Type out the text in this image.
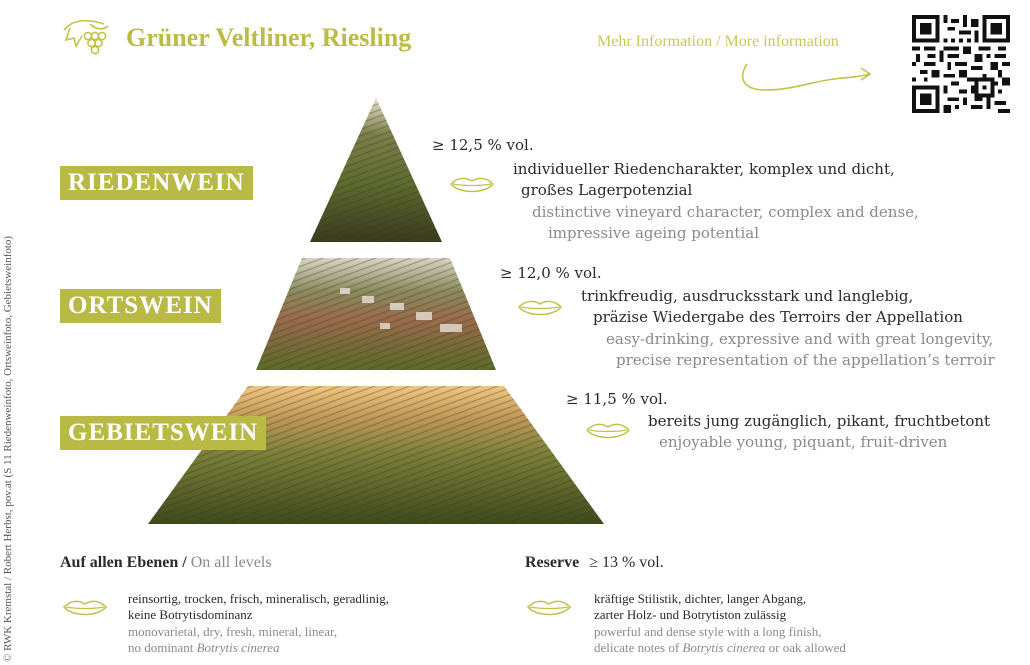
Grüner Veltliner, Riesling	Mehr Information / More information
© RWK Kremstal / Robert Herbst, pov.at (S 11 Riedenweinfoto, Ortsweinfoto, Gebietsweinfoto)
RIEDENWEIN
ORTSWEIN
GEBIETSWEIN
≥ 12,5 % vol.
individueller Riedencharakter, komplex und dicht,
großes Lagerpotenzial
distinctive vineyard character, complex and dense,
impressive ageing potential
≥ 12,0 % vol.
trinkfreudig, ausdrucksstark und langlebig,
präzise Wiedergabe des Terroirs der Appellation
easy-drinking, expressive and with great longevity,
precise representation of the appellation’s terroir
≥ 11,5 % vol.
bereits jung zugänglich, pikant, fruchtbetont
enjoyable young, piquant, fruit-driven
Auf allen Ebenen / On all levels
reinsortig, trocken, frisch, mineralisch, geradlinig,
keine Botrytisdominanz
monovarietal, dry, fresh, mineral, linear,
no dominant Botrytis cinerea
Reserve ≥ 13 % vol.
kräftige Stilistik, dichter, langer Abgang,
zarter Holz- und Botrytiston zulässig
powerful and dense style with a long finish,
delicate notes of Botrytis cinerea or oak allowed
